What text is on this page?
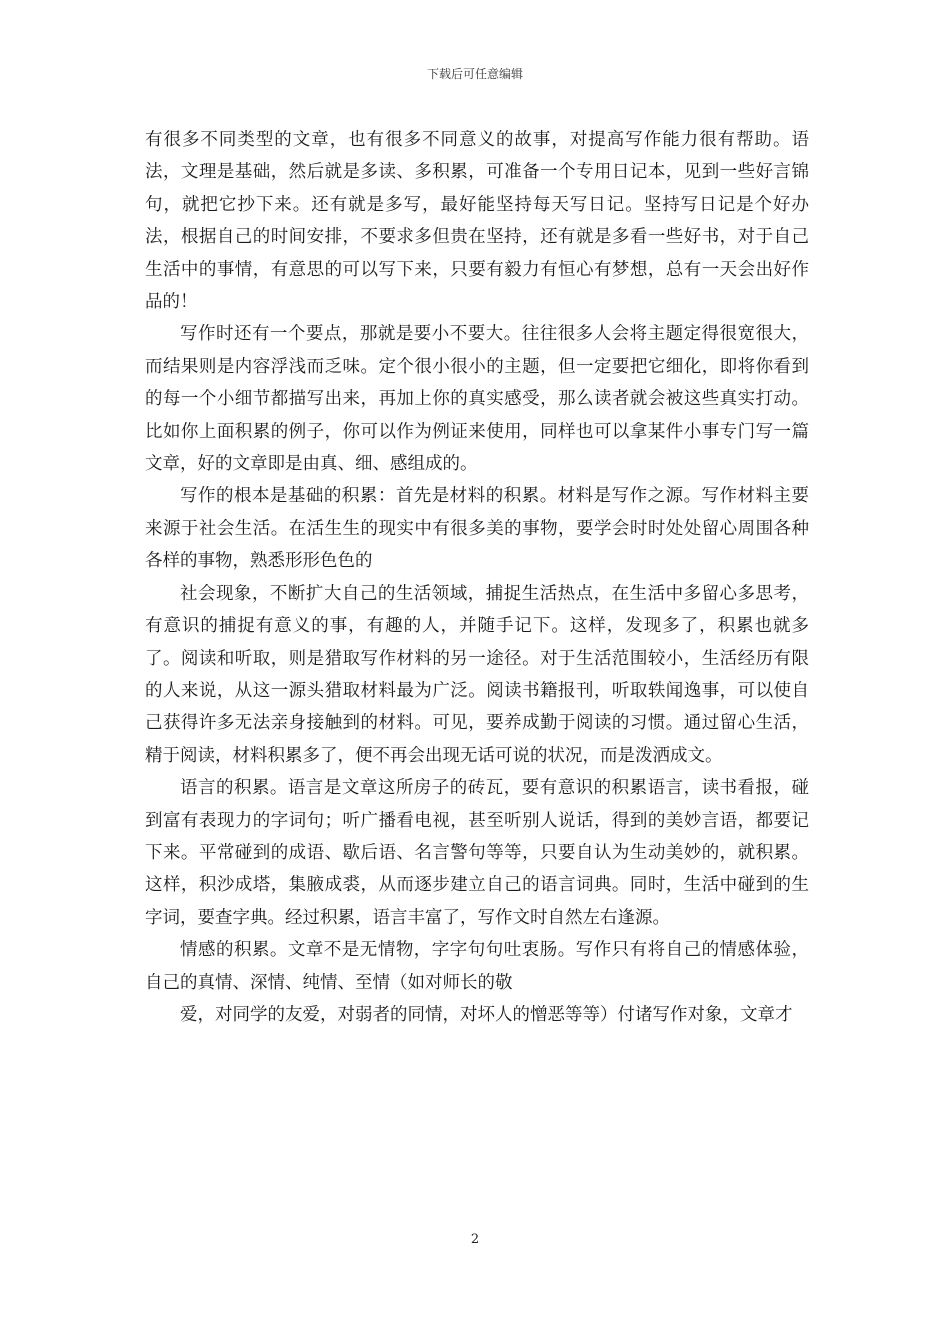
下载后可任意编辑

有很多不同类型的文章，也有很多不同意义的故事，对提高写作能力很有帮助。语法，文理是基础，然后就是多读、多积累，可准备一个专用日记本，见到一些好言锦句，就把它抄下来。还有就是多写，最好能坚持每天写日记。坚持写日记是个好办法，根据自己的时间安排，不要求多但贵在坚持，还有就是多看一些好书，对于自己生活中的事情，有意思的可以写下来，只要有毅力有恒心有梦想，总有一天会出好作品的！

写作时还有一个要点，那就是要小不要大。往往很多人会将主题定得很宽很大，而结果则是内容浮浅而乏味。定个很小很小的主题，但一定要把它细化，即将你看到的每一个小细节都描写出来，再加上你的真实感受，那么读者就会被这些真实打动。比如你上面积累的例子，你可以作为例证来使用，同样也可以拿某件小事专门写一篇文章，好的文章即是由真、细、感组成的。

写作的根本是基础的积累：首先是材料的积累。材料是写作之源。写作材料主要来源于社会生活。在活生生的现实中有很多美的事物，要学会时时处处留心周围各种各样的事物，熟悉形形色色的

社会现象，不断扩大自己的生活领域，捕捉生活热点，在生活中多留心多思考，有意识的捕捉有意义的事，有趣的人，并随手记下。这样，发现多了，积累也就多了。阅读和听取，则是猎取写作材料的另一途径。对于生活范围较小，生活经历有限的人来说，从这一源头猎取材料最为广泛。阅读书籍报刊，听取轶闻逸事，可以使自己获得许多无法亲身接触到的材料。可见，要养成勤于阅读的习惯。通过留心生活，精于阅读，材料积累多了，便不再会出现无话可说的状况，而是泼洒成文。

语言的积累。语言是文章这所房子的砖瓦，要有意识的积累语言，读书看报，碰到富有表现力的字词句；听广播看电视，甚至听别人说话，得到的美妙言语，都要记下来。平常碰到的成语、歇后语、名言警句等等，只要自认为生动美妙的，就积累。这样，积沙成塔，集腋成裘，从而逐步建立自己的语言词典。同时，生活中碰到的生字词，要查字典。经过积累，语言丰富了，写作文时自然左右逢源。

情感的积累。文章不是无情物，字字句句吐衷肠。写作只有将自己的情感体验，自己的真情、深情、纯情、至情（如对师长的敬

爱，对同学的友爱，对弱者的同情，对坏人的憎恶等等）付诸写作对象，文章才

2
